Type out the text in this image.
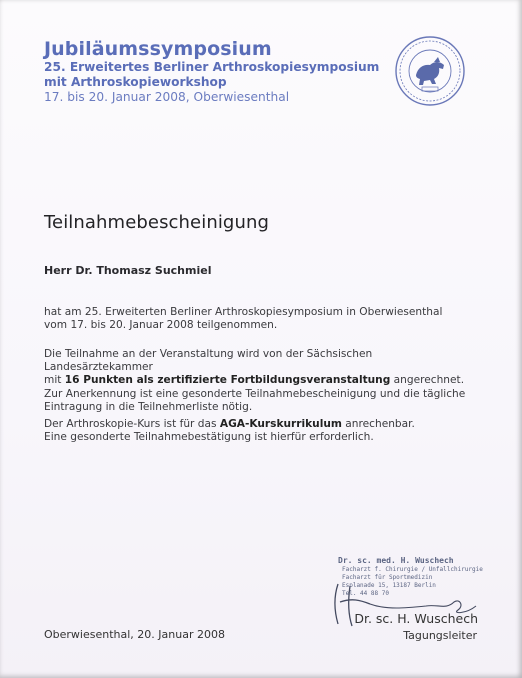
Jubiläumssymposium
25. Erweitertes Berliner Arthroskopiesymposium
mit Arthroskopieworkshop
17. bis 20. Januar 2008, Oberwiesenthal
Teilnahmebescheinigung
Herr Dr. Thomasz Suchmiel
hat am 25. Erweiterten Berliner Arthroskopiesymposium in Oberwiesenthal
vom 17. bis 20. Januar 2008 teilgenommen.
Die Teilnahme an der Veranstaltung wird von der Sächsischen Landesärztekammer
mit 16 Punkten als zertifizierte Fortbildungsveranstaltung angerechnet.
Zur Anerkennung ist eine gesonderte Teilnahmebescheinigung und die tägliche
Eintragung in die Teilnehmerliste nötig.
Der Arthroskopie-Kurs ist für das AGA-Kurskurrikulum anrechenbar.
Eine gesonderte Teilnahmebestätigung ist hierfür erforderlich.
Dr. sc. med. H. Wuschech
Facharzt f. Chirurgie / Unfallchirurgie
Facharzt für Sportmedizin
Esplanade 15, 13187 Berlin
Tel. 44 88 70
Oberwiesenthal, 20. Januar 2008
Dr. sc. H. Wuschech
Tagungsleiter
